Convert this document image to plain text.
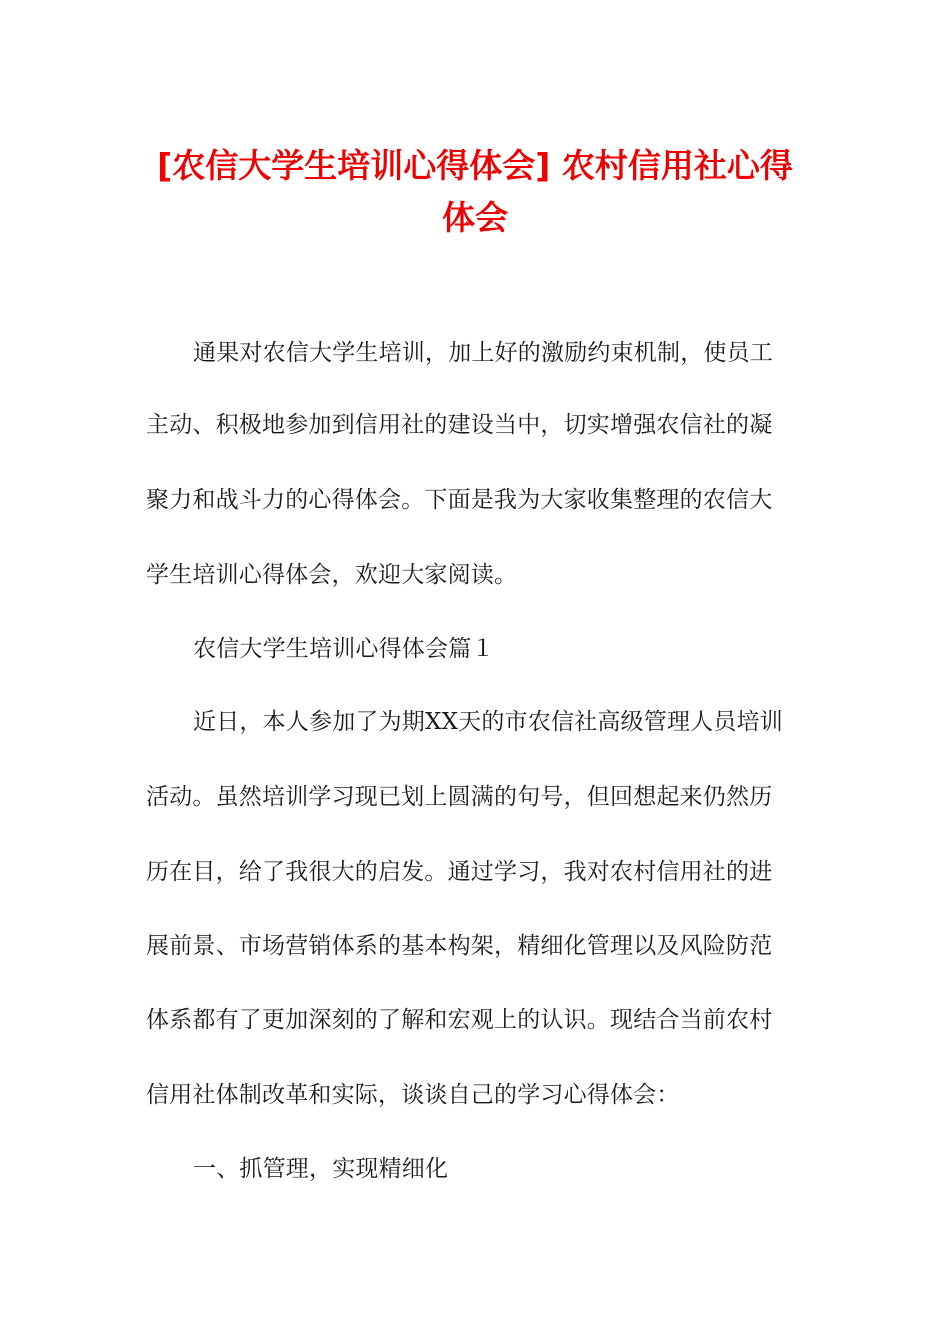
[农信大学生培训心得体会] 农村信用社心得
体会
通果对农信大学生培训，加上好的激励约束机制，使员工
主动、积极地参加到信用社的建设当中，切实增强农信社的凝
聚力和战斗力的心得体会。下面是我为大家收集整理的农信大
学生培训心得体会，欢迎大家阅读。
农信大学生培训心得体会篇１
近日，本人参加了为期XX天的市农信社高级管理人员培训
活动。虽然培训学习现已划上圆满的句号，但回想起来仍然历
历在目，给了我很大的启发。通过学习，我对农村信用社的进
展前景、市场营销体系的基本构架，精细化管理以及风险防范
体系都有了更加深刻的了解和宏观上的认识。现结合当前农村
信用社体制改革和实际，谈谈自己的学习心得体会：
一、抓管理，实现精细化
